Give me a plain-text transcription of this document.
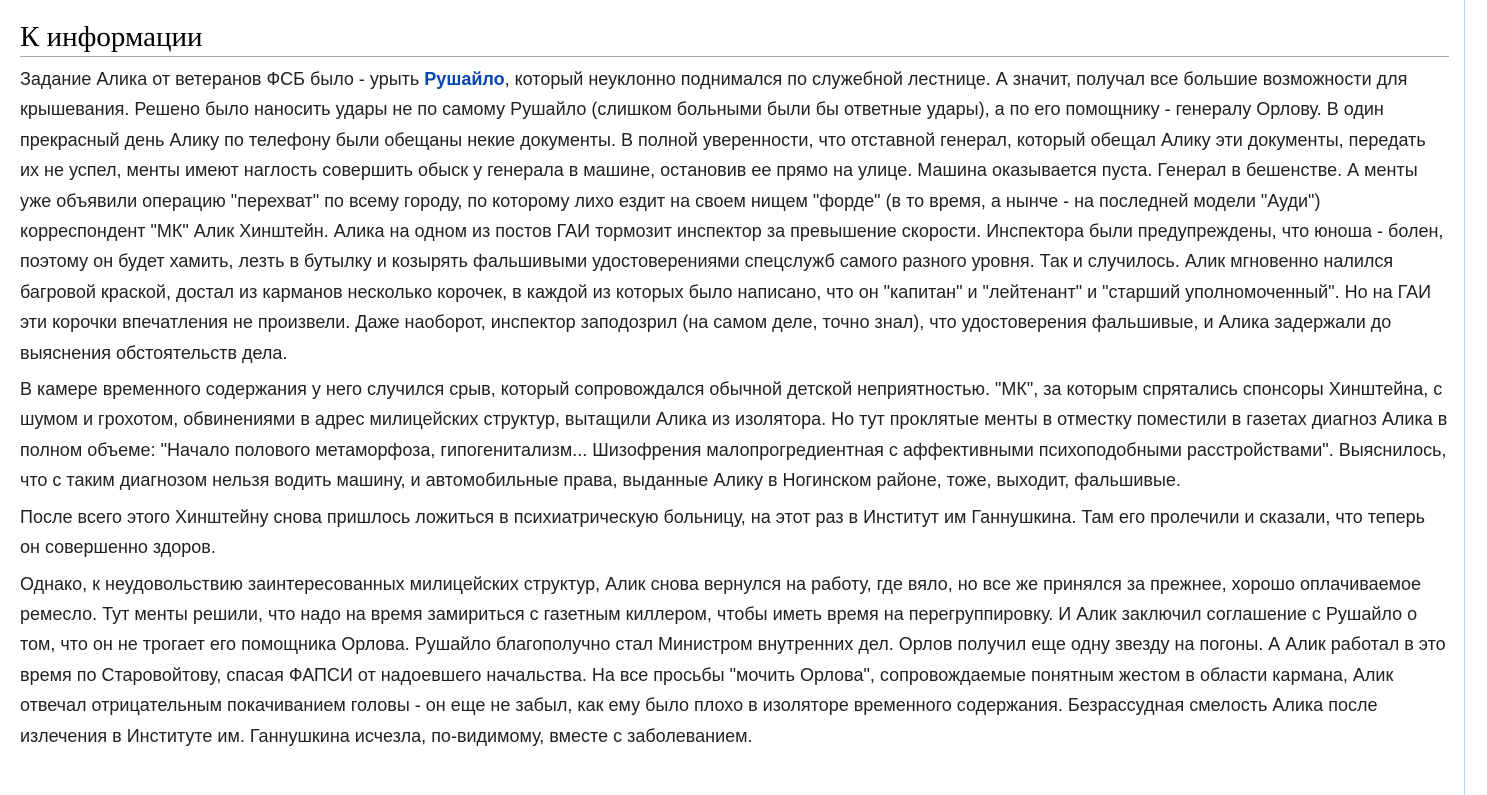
К информации

Задание Алика от ветеранов ФСБ было - урыть Рушайло, который неуклонно поднимался по служебной лестнице. А значит, получал все большие возможности для крышевания. Решено было наносить удары не по самому Рушайло (слишком больными были бы ответные удары), а по его помощнику - генералу Орлову. В один прекрасный день Алику по телефону были обещаны некие документы. В полной уверенности, что отставной генерал, который обещал Алику эти документы, передать их не успел, менты имеют наглость совершить обыск у генерала в машине, остановив ее прямо на улице. Машина оказывается пуста. Генерал в бешенстве. А менты уже объявили операцию "перехват" по всему городу, по которому лихо ездит на своем нищем "форде" (в то время, а нынче - на последней модели "Ауди") корреспондент "МК" Алик Хинштейн. Алика на одном из постов ГАИ тормозит инспектор за превышение скорости. Инспектора были предупреждены, что юноша - болен, поэтому он будет хамить, лезть в бутылку и козырять фальшивыми удостоверениями спецслужб самого разного уровня. Так и случилось. Алик мгновенно налился багровой краской, достал из карманов несколько корочек, в каждой из которых было написано, что он "капитан" и "лейтенант" и "старший уполномоченный". Но на ГАИ эти корочки впечатления не произвели. Даже наоборот, инспектор заподозрил (на самом деле, точно знал), что удостоверения фальшивые, и Алика задержали до выяснения обстоятельств дела.

В камере временного содержания у него случился срыв, который сопровождался обычной детской неприятностью. "МК", за которым спрятались спонсоры Хинштейна, с шумом и грохотом, обвинениями в адрес милицейских структур, вытащили Алика из изолятора. Но тут проклятые менты в отместку поместили в газетах диагноз Алика в полном объеме: "Начало полового метаморфоза, гипогенитализм... Шизофрения малопрогредиентная с аффективными психоподобными расстройствами". Выяснилось, что с таким диагнозом нельзя водить машину, и автомобильные права, выданные Алику в Ногинском районе, тоже, выходит, фальшивые.

После всего этого Хинштейну снова пришлось ложиться в психиатрическую больницу, на этот раз в Институт им Ганнушкина. Там его пролечили и сказали, что теперь он совершенно здоров.

Однако, к неудовольствию заинтересованных милицейских структур, Алик снова вернулся на работу, где вяло, но все же принялся за прежнее, хорошо оплачиваемое ремесло. Тут менты решили, что надо на время замириться с газетным киллером, чтобы иметь время на перегруппировку. И Алик заключил соглашение с Рушайло о том, что он не трогает его помощника Орлова. Рушайло благополучно стал Министром внутренних дел. Орлов получил еще одну звезду на погоны. А Алик работал в это время по Старовойтову, спасая ФАПСИ от надоевшего начальства. На все просьбы "мочить Орлова", сопровождаемые понятным жестом в области кармана, Алик отвечал отрицательным покачиванием головы - он еще не забыл, как ему было плохо в изоляторе временного содержания. Безрассудная смелость Алика после излечения в Институте им. Ганнушкина исчезла, по-видимому, вместе с заболеванием.
